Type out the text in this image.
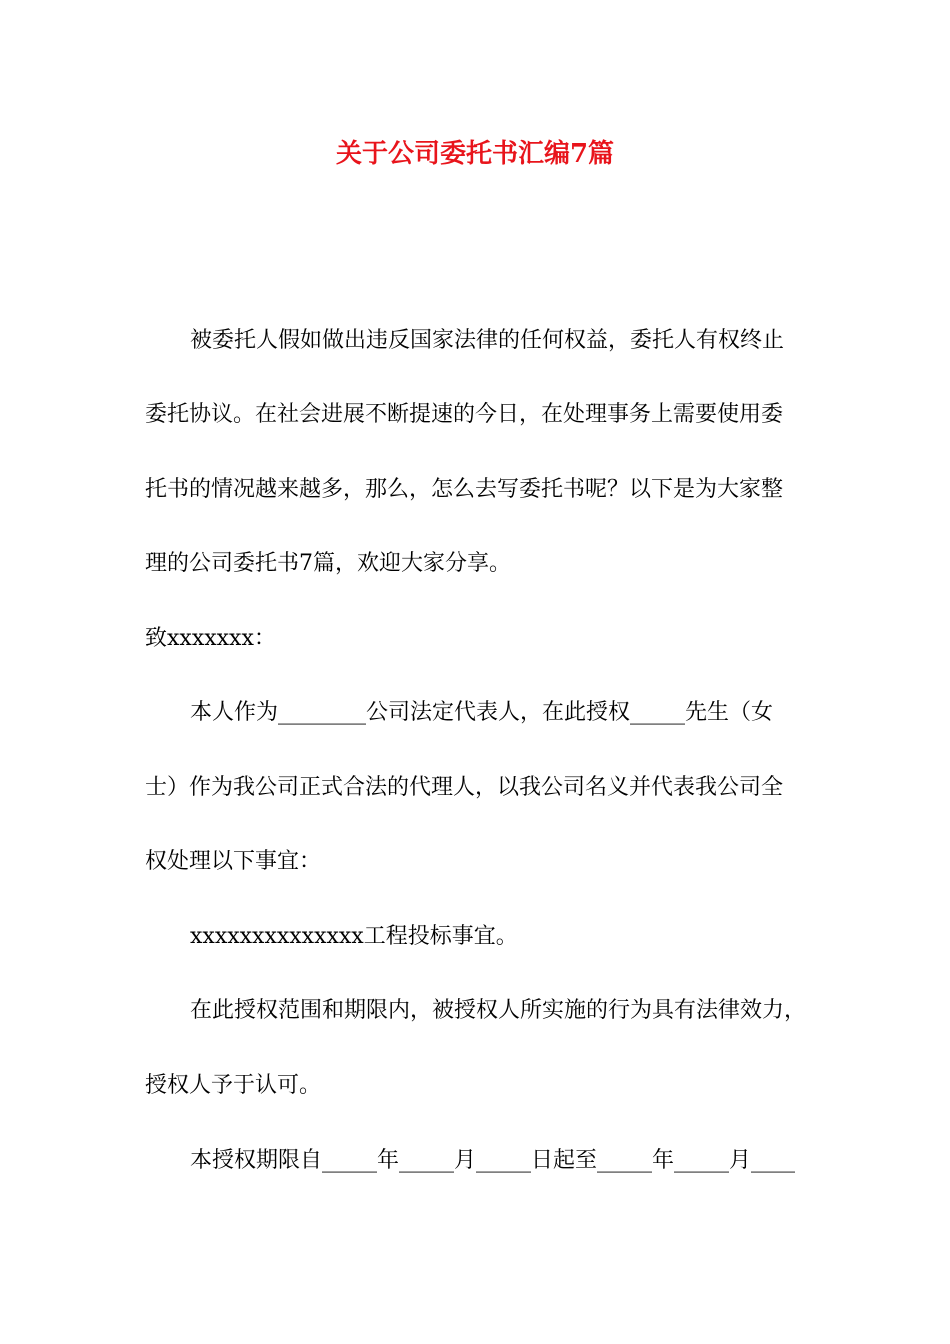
关于公司委托书汇编7篇

被委托人假如做出违反国家法律的任何权益，委托人有权终止

委托协议。在社会进展不断提速的今日，在处理事务上需要使用委

托书的情况越来越多，那么，怎么去写委托书呢？以下是为大家整

理的公司委托书7篇，欢迎大家分享。

致xxxxxxx：

本人作为________公司法定代表人，在此授权_____先生（女

士）作为我公司正式合法的代理人，以我公司名义并代表我公司全

权处理以下事宜：

xxxxxxxxxxxxxx工程投标事宜。

在此授权范围和期限内，被授权人所实施的行为具有法律效力，

授权人予于认可。

本授权期限自_____年_____月_____日起至_____年_____月____
